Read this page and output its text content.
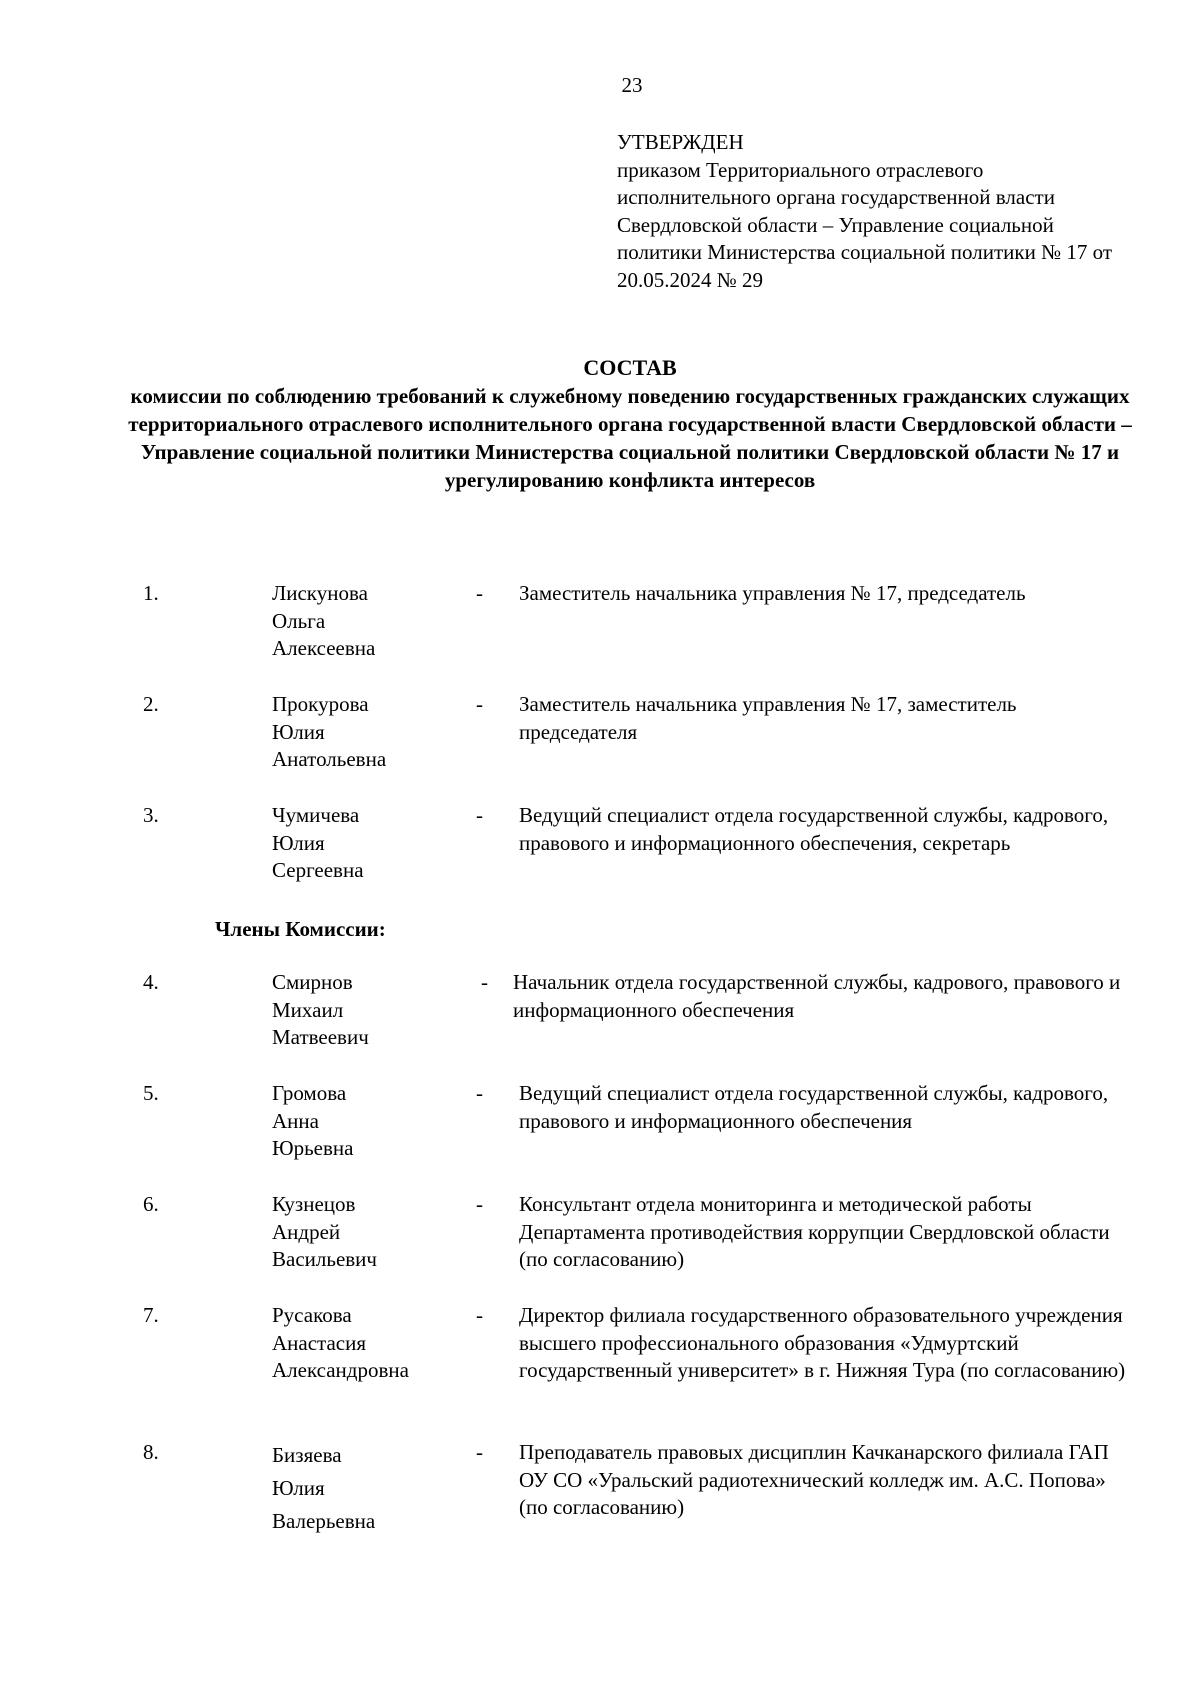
23
УТВЕРЖДЕН
приказом Территориального отраслевого исполнительного органа государственной власти Свердловской области – Управление социальной политики Министерства социальной политики № 17 от 20.05.2024 № 29
СОСТАВ
комиссии по соблюдению требований к служебному поведению государственных гражданских служащих территориального отраслевого исполнительного органа государственной власти Свердловской области – Управление социальной политики Министерства социальной политики Свердловской области № 17 и урегулированию конфликта интересов
1.	Лискунова
Ольга
Алексеевна
- Заместитель начальника управления № 17, председатель
2.	Прокурова
Юлия
Анатольевна
- Заместитель начальника управления № 17, заместитель председателя
3.	Чумичева
Юлия
Сергеевна
- Ведущий специалист отдела государственной службы, кадрового, правового и информационного обеспечения, секретарь
Члены Комиссии:
4.	Смирнов
Михаил
Матвеевич
- Начальник отдела государственной службы, кадрового, правового и информационного обеспечения
5.	Громова
Анна
Юрьевна
- Ведущий специалист отдела государственной службы, кадрового, правового и информационного обеспечения
6.	Кузнецов
Андрей
Васильевич
- Консультант отдела мониторинга и методической работы Департамента противодействия коррупции Свердловской области (по согласованию)
7.	Русакова
Анастасия
Александровна
- Директор филиала государственного образовательного учреждения высшего профессионального образования «Удмуртский государственный университет» в г. Нижняя Тура (по согласованию)
8.	Бизяева
Юлия
Валерьевна
- Преподаватель правовых дисциплин Качканарского филиала ГАП ОУ СО «Уральский радиотехнический колледж им. А.С. Попова» (по согласованию)
